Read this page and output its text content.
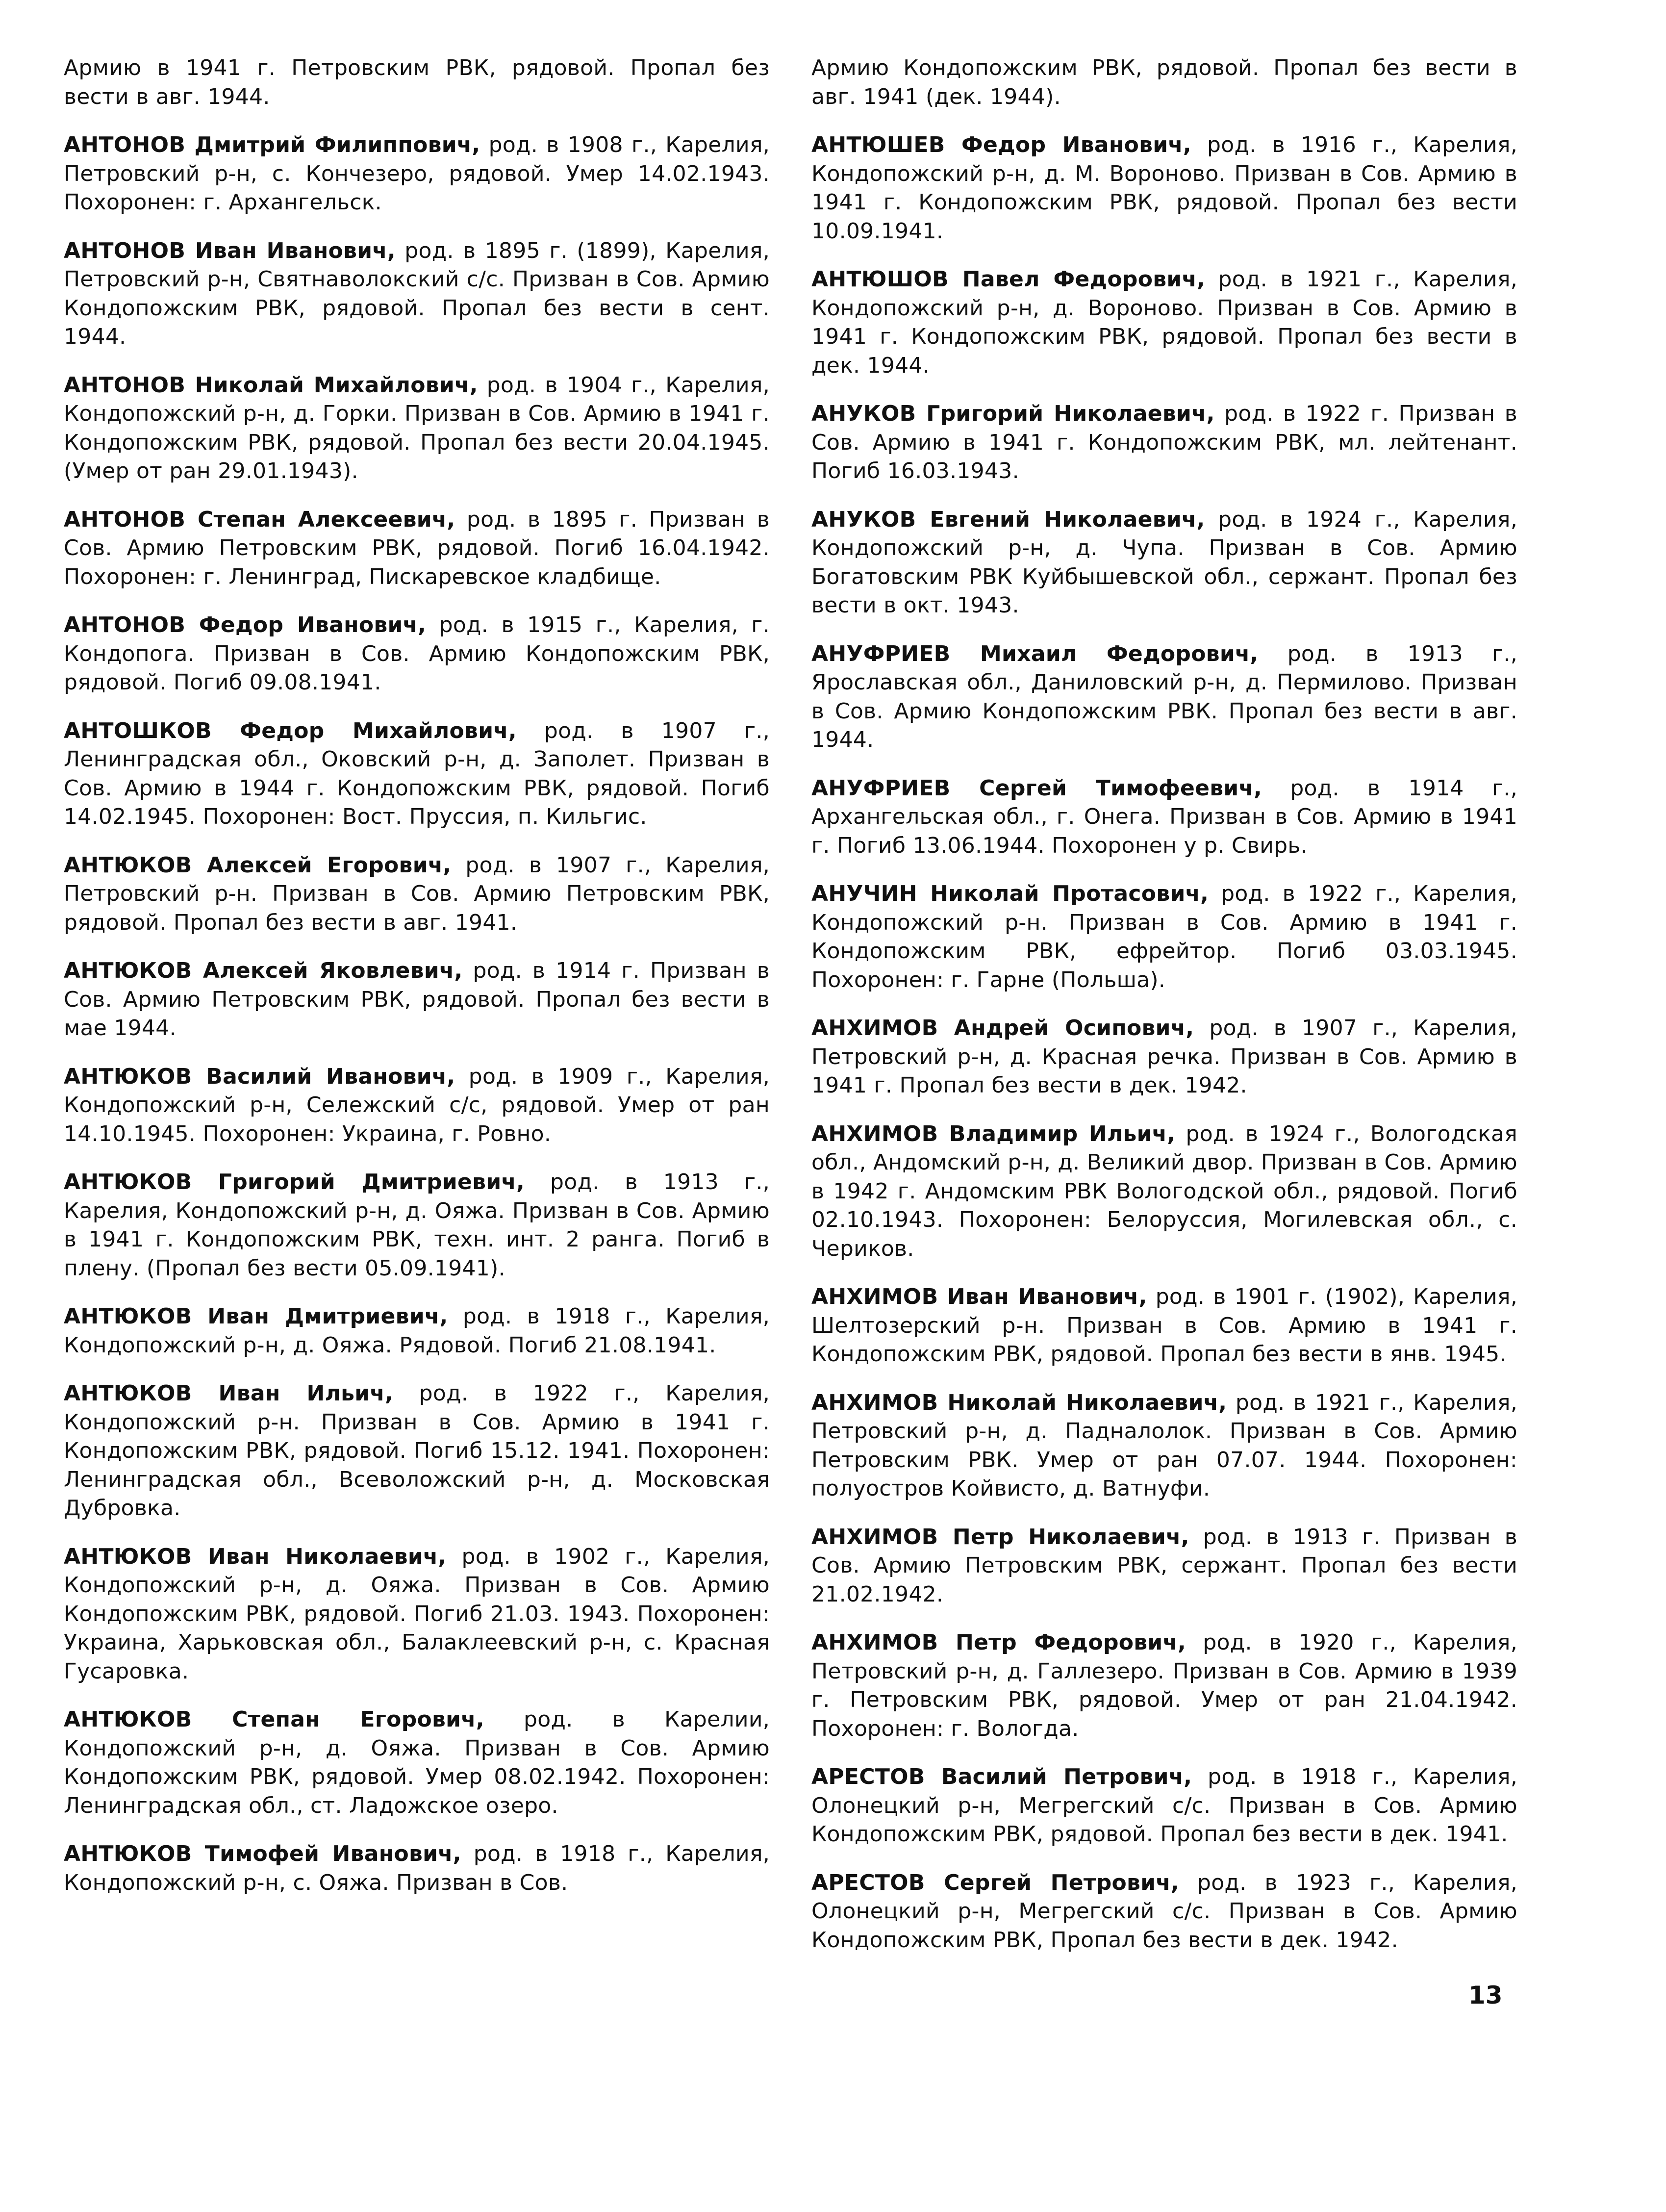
Армию в 1941 г. Петровским РВК, рядовой. Пропал без вести в авг. 1944.

АНТОНОВ Дмитрий Филиппович, род. в 1908 г., Карелия, Петровский р-н, с. Кончезеро, рядовой. Умер 14.02.1943. Похоронен: г. Архангельск.

АНТОНОВ Иван Иванович, род. в 1895 г. (1899), Карелия, Петровский р-н, Святнаволокский с/с. Призван в Сов. Армию Кондопожским РВК, рядовой. Пропал без вести в сент. 1944.

АНТОНОВ Николай Михайлович, род. в 1904 г., Карелия, Кондопожский р-н, д. Горки. Призван в Сов. Армию в 1941 г. Кондопожским РВК, рядовой. Пропал без вести 20.04.1945. (Умер от ран 29.01.1943).

АНТОНОВ Степан Алексеевич, род. в 1895 г. Призван в Сов. Армию Петровским РВК, рядовой. Погиб 16.04.1942. Похоронен: г. Ленинград, Пискаревское кладбище.

АНТОНОВ Федор Иванович, род. в 1915 г., Карелия, г. Кондопога. Призван в Сов. Армию Кондопожским РВК, рядовой. Погиб 09.08.1941.

АНТОШКОВ Федор Михайлович, род. в 1907 г., Ленинградская обл., Оковский р-н, д. Заполет. Призван в Сов. Армию в 1944 г. Кондопожским РВК, рядовой. Погиб 14.02.1945. Похоронен: Вост. Пруссия, п. Кильгис.

АНТЮКОВ Алексей Егорович, род. в 1907 г., Карелия, Петровский р-н. Призван в Сов. Армию Петровским РВК, рядовой. Пропал без вести в авг. 1941.

АНТЮКОВ Алексей Яковлевич, род. в 1914 г. Призван в Сов. Армию Петровским РВК, рядовой. Пропал без вести в мае 1944.

АНТЮКОВ Василий Иванович, род. в 1909 г., Карелия, Кондопожский р-н, Сележский с/с, рядовой. Умер от ран 14.10.1945. Похоронен: Украина, г. Ровно.

АНТЮКОВ Григорий Дмитриевич, род. в 1913 г., Карелия, Кондопожский р-н, д. Ояжа. Призван в Сов. Армию в 1941 г. Кондопожским РВК, техн. инт. 2 ранга. Погиб в плену. (Пропал без вести 05.09.1941).

АНТЮКОВ Иван Дмитриевич, род. в 1918 г., Карелия, Кондопожский р-н, д. Ояжа. Рядовой. Погиб 21.08.1941.

АНТЮКОВ Иван Ильич, род. в 1922 г., Карелия, Кондопожский р-н. Призван в Сов. Армию в 1941 г. Кондопожским РВК, рядовой. Погиб 15.12. 1941. Похоронен: Ленинградская обл., Всеволожский р-н, д. Московская Дубровка.

АНТЮКОВ Иван Николаевич, род. в 1902 г., Карелия, Кондопожский р-н, д. Ояжа. Призван в Сов. Армию Кондопожским РВК, рядовой. Погиб 21.03. 1943. Похоронен: Украина, Харьковская обл., Балаклеевский р-н, с. Красная Гусаровка.

АНТЮКОВ Степан Егорович, род. в Карелии, Кондопожский р-н, д. Ояжа. Призван в Сов. Армию Кондопожским РВК, рядовой. Умер 08.02.1942. Похоронен: Ленинградская обл., ст. Ладожское озеро.

АНТЮКОВ Тимофей Иванович, род. в 1918 г., Карелия, Кондопожский р-н, с. Ояжа. Призван в Сов.

Армию Кондопожским РВК, рядовой. Пропал без вести в авг. 1941 (дек. 1944).

АНТЮШЕВ Федор Иванович, род. в 1916 г., Карелия, Кондопожский р-н, д. М. Вороново. Призван в Сов. Армию в 1941 г. Кондопожским РВК, рядовой. Пропал без вести 10.09.1941.

АНТЮШОВ Павел Федорович, род. в 1921 г., Карелия, Кондопожский р-н, д. Вороново. Призван в Сов. Армию в 1941 г. Кондопожским РВК, рядовой. Пропал без вести в дек. 1944.

АНУКОВ Григорий Николаевич, род. в 1922 г. Призван в Сов. Армию в 1941 г. Кондопожским РВК, мл. лейтенант. Погиб 16.03.1943.

АНУКОВ Евгений Николаевич, род. в 1924 г., Карелия, Кондопожский р-н, д. Чупа. Призван в Сов. Армию Богатовским РВК Куйбышевской обл., сержант. Пропал без вести в окт. 1943.

АНУФРИЕВ Михаил Федорович, род. в 1913 г., Ярославская обл., Даниловский р-н, д. Пермилово. Призван в Сов. Армию Кондопожским РВК. Пропал без вести в авг. 1944.

АНУФРИЕВ Сергей Тимофеевич, род. в 1914 г., Архангельская обл., г. Онега. Призван в Сов. Армию в 1941 г. Погиб 13.06.1944. Похоронен у р. Свирь.

АНУЧИН Николай Протасович, род. в 1922 г., Карелия, Кондопожский р-н. Призван в Сов. Армию в 1941 г. Кондопожским РВК, ефрейтор. Погиб 03.03.1945. Похоронен: г. Гарне (Польша).

АНХИМОВ Андрей Осипович, род. в 1907 г., Карелия, Петровский р-н, д. Красная речка. Призван в Сов. Армию в 1941 г. Пропал без вести в дек. 1942.

АНХИМОВ Владимир Ильич, род. в 1924 г., Вологодская обл., Андомский р-н, д. Великий двор. Призван в Сов. Армию в 1942 г. Андомским РВК Вологодской обл., рядовой. Погиб 02.10.1943. Похоронен: Белоруссия, Могилевская обл., с. Чериков.

АНХИМОВ Иван Иванович, род. в 1901 г. (1902), Карелия, Шелтозерский р-н. Призван в Сов. Армию в 1941 г. Кондопожским РВК, рядовой. Пропал без вести в янв. 1945.

АНХИМОВ Николай Николаевич, род. в 1921 г., Карелия, Петровский р-н, д. Падналолок. Призван в Сов. Армию Петровским РВК. Умер от ран 07.07. 1944. Похоронен: полуостров Койвисто, д. Ватнуфи.

АНХИМОВ Петр Николаевич, род. в 1913 г. Призван в Сов. Армию Петровским РВК, сержант. Пропал без вести 21.02.1942.

АНХИМОВ Петр Федорович, род. в 1920 г., Карелия, Петровский р-н, д. Галлезеро. Призван в Сов. Армию в 1939 г. Петровским РВК, рядовой. Умер от ран 21.04.1942. Похоронен: г. Вологда.

АРЕСТОВ Василий Петрович, род. в 1918 г., Карелия, Олонецкий р-н, Мегрегский с/с. Призван в Сов. Армию Кондопожским РВК, рядовой. Пропал без вести в дек. 1941.

АРЕСТОВ Сергей Петрович, род. в 1923 г., Карелия, Олонецкий р-н, Мегрегский с/с. Призван в Сов. Армию Кондопожским РВК, Пропал без вести в дек. 1942.

13
